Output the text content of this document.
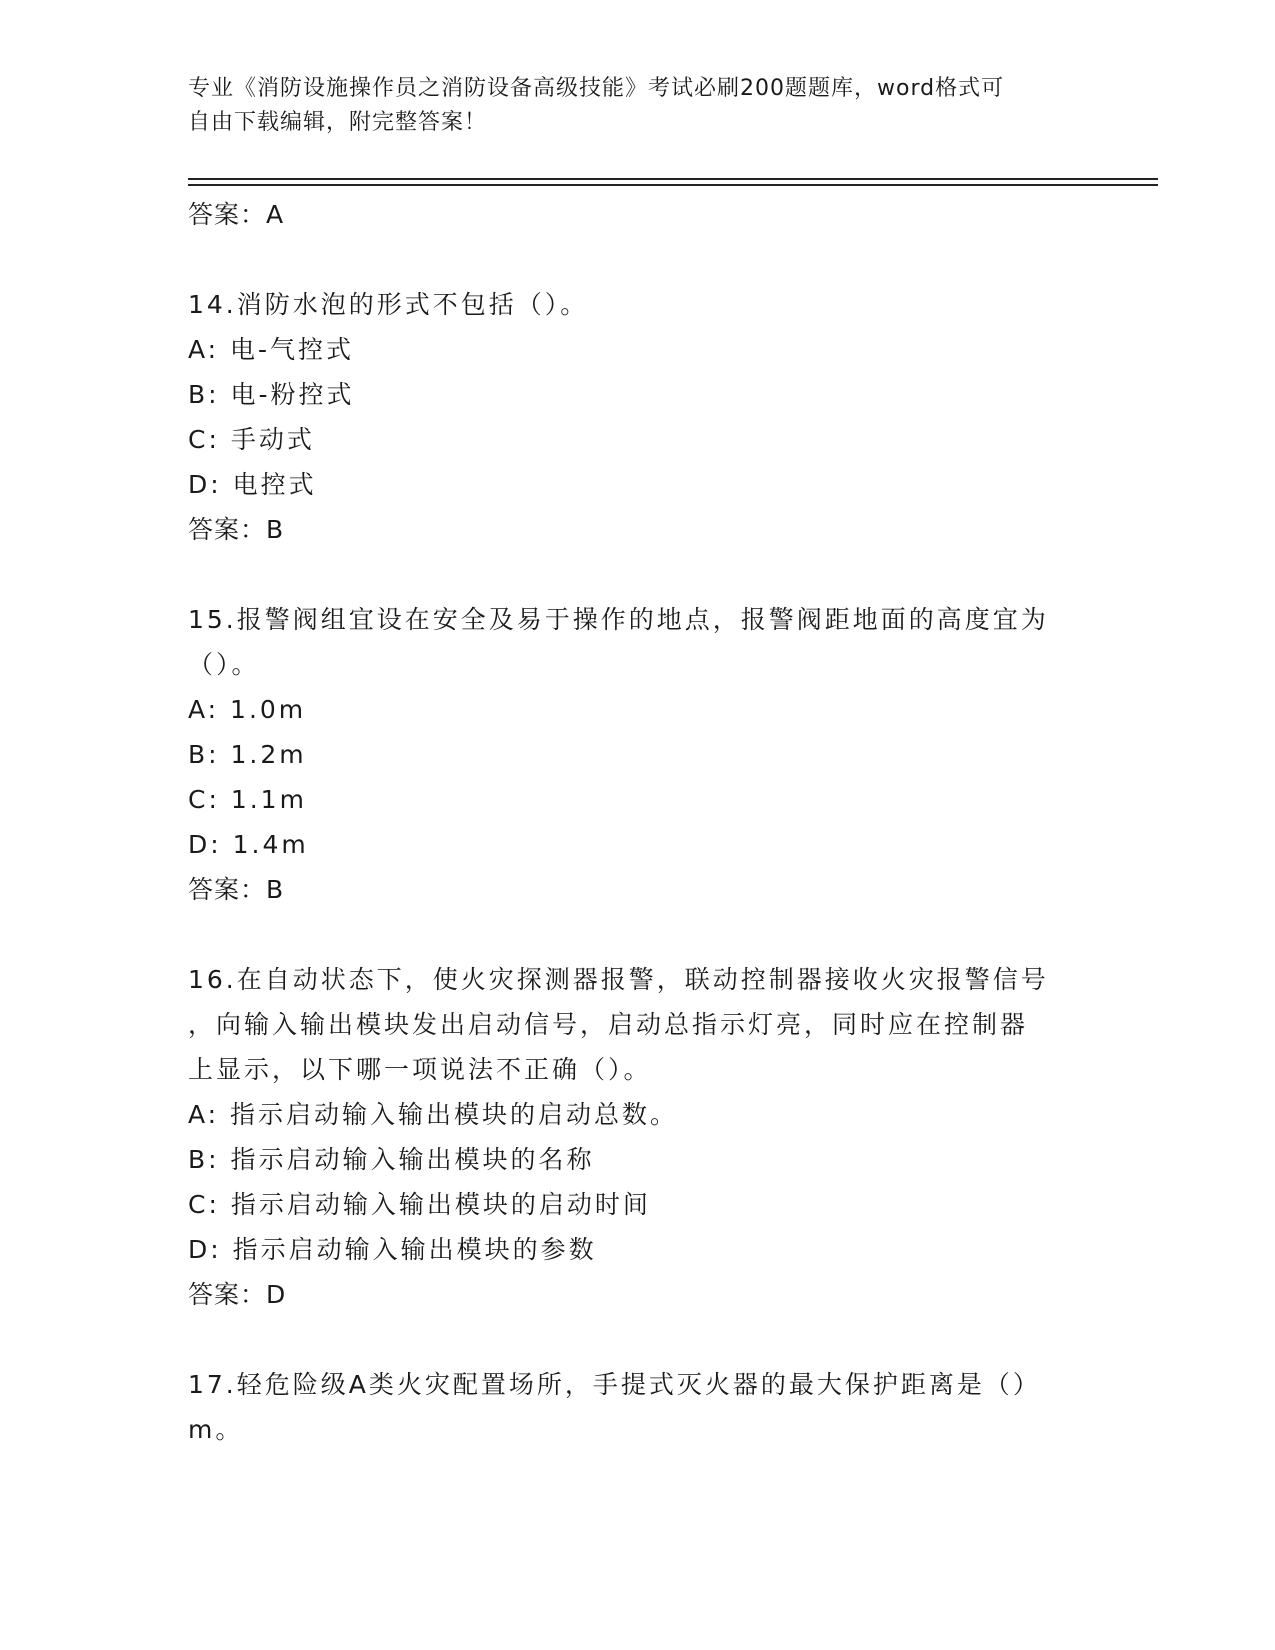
专业《消防设施操作员之消防设备高级技能》考试必刷200题题库，word格式可
自由下载编辑，附完整答案！
答案：A
14.消防水泡的形式不包括（）。
A: 电-气控式
B: 电-粉控式
C: 手动式
D: 电控式
答案：B
15.报警阀组宜设在安全及易于操作的地点，报警阀距地面的高度宜为
（）。
A: 1.0m
B: 1.2m
C: 1.1m
D: 1.4m
答案：B
16.在自动状态下，使火灾探测器报警，联动控制器接收火灾报警信号
，向输入输出模块发出启动信号，启动总指示灯亮，同时应在控制器
上显示，以下哪一项说法不正确（）。
A: 指示启动输入输出模块的启动总数。
B: 指示启动输入输出模块的名称
C: 指示启动输入输出模块的启动时间
D: 指示启动输入输出模块的参数
答案：D
17.轻危险级A类火灾配置场所，手提式灭火器的最大保护距离是（）
m。
